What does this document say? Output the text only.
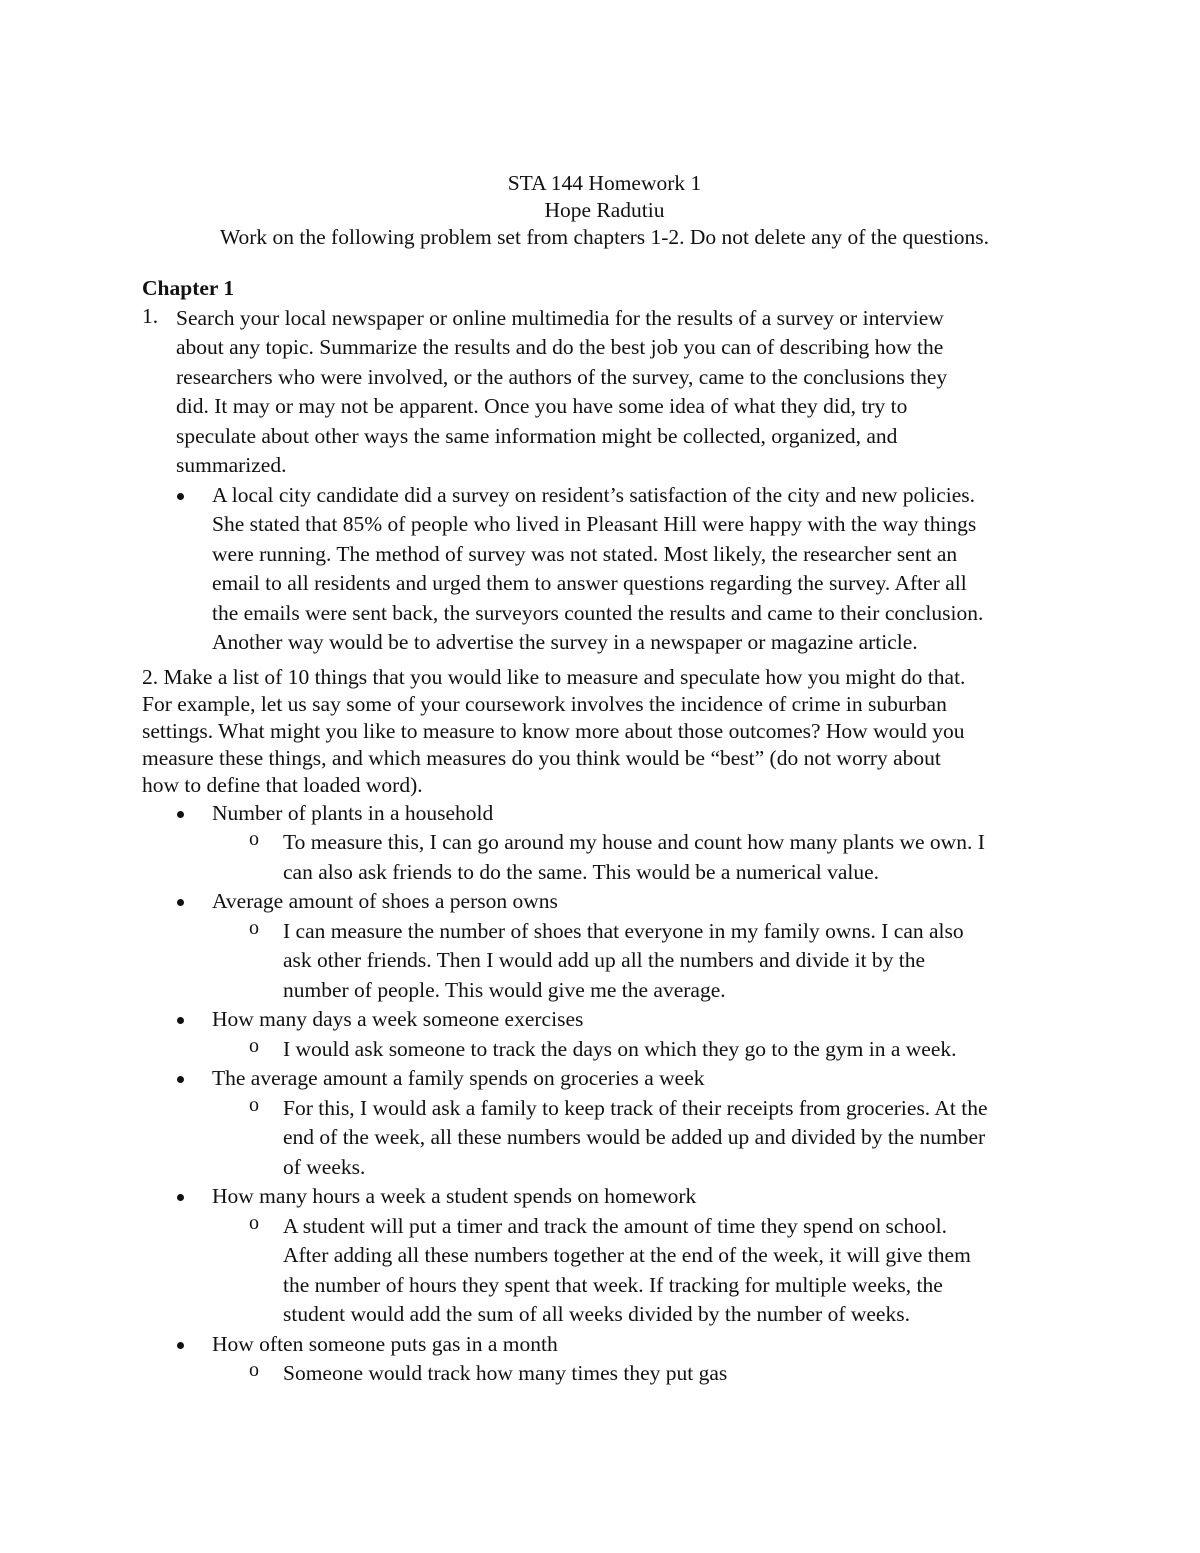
STA 144 Homework 1
Hope Radutiu
Work on the following problem set from chapters 1-2. Do not delete any of the questions.
Chapter 1
1. Search your local newspaper or online multimedia for the results of a survey or interview
about any topic. Summarize the results and do the best job you can of describing how the
researchers who were involved, or the authors of the survey, came to the conclusions they
did. It may or may not be apparent. Once you have some idea of what they did, try to
speculate about other ways the same information might be collected, organized, and
summarized.
A local city candidate did a survey on resident’s satisfaction of the city and new policies.
She stated that 85% of people who lived in Pleasant Hill were happy with the way things
were running. The method of survey was not stated. Most likely, the researcher sent an
email to all residents and urged them to answer questions regarding the survey. After all
the emails were sent back, the surveyors counted the results and came to their conclusion.
Another way would be to advertise the survey in a newspaper or magazine article.
2. Make a list of 10 things that you would like to measure and speculate how you might do that.
For example, let us say some of your coursework involves the incidence of crime in suburban
settings. What might you like to measure to know more about those outcomes? How would you
measure these things, and which measures do you think would be “best” (do not worry about
how to define that loaded word).
Number of plants in a household
o To measure this, I can go around my house and count how many plants we own. I
can also ask friends to do the same. This would be a numerical value.
Average amount of shoes a person owns
o I can measure the number of shoes that everyone in my family owns. I can also
ask other friends. Then I would add up all the numbers and divide it by the
number of people. This would give me the average.
How many days a week someone exercises
o I would ask someone to track the days on which they go to the gym in a week.
The average amount a family spends on groceries a week
o For this, I would ask a family to keep track of their receipts from groceries. At the
end of the week, all these numbers would be added up and divided by the number
of weeks.
How many hours a week a student spends on homework
o A student will put a timer and track the amount of time they spend on school.
After adding all these numbers together at the end of the week, it will give them
the number of hours they spent that week. If tracking for multiple weeks, the
student would add the sum of all weeks divided by the number of weeks.
How often someone puts gas in a month
o Someone would track how many times they put gas
